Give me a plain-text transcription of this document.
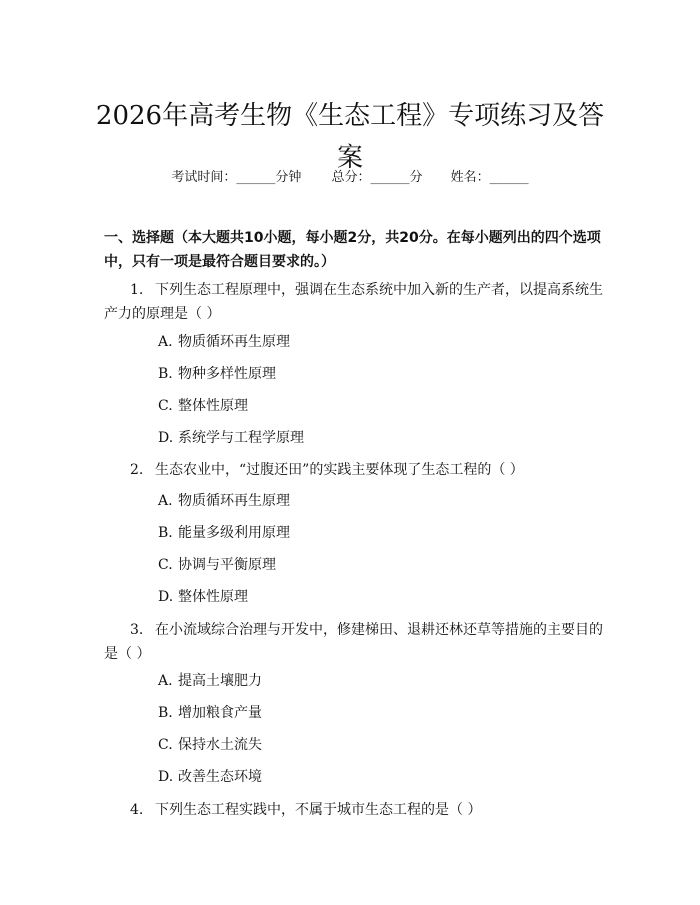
2026年高考生物《生态工程》专项练习及答案
考试时间：______分钟 总分：______分 姓名：______
一、选择题（本大题共10小题，每小题2分，共20分。在每小题列出的四个选项中，只有一项是最符合题目要求的。）
1. 下列生态工程原理中，强调在生态系统中加入新的生产者，以提高系统生产力的原理是（ ）
A. 物质循环再生原理
B. 物种多样性原理
C. 整体性原理
D. 系统学与工程学原理
2. 生态农业中，“过腹还田”的实践主要体现了生态工程的（ ）
A. 物质循环再生原理
B. 能量多级利用原理
C. 协调与平衡原理
D. 整体性原理
3. 在小流域综合治理与开发中，修建梯田、退耕还林还草等措施的主要目的是（ ）
A. 提高土壤肥力
B. 增加粮食产量
C. 保持水土流失
D. 改善生态环境
4. 下列生态工程实践中，不属于城市生态工程的是（ ）
